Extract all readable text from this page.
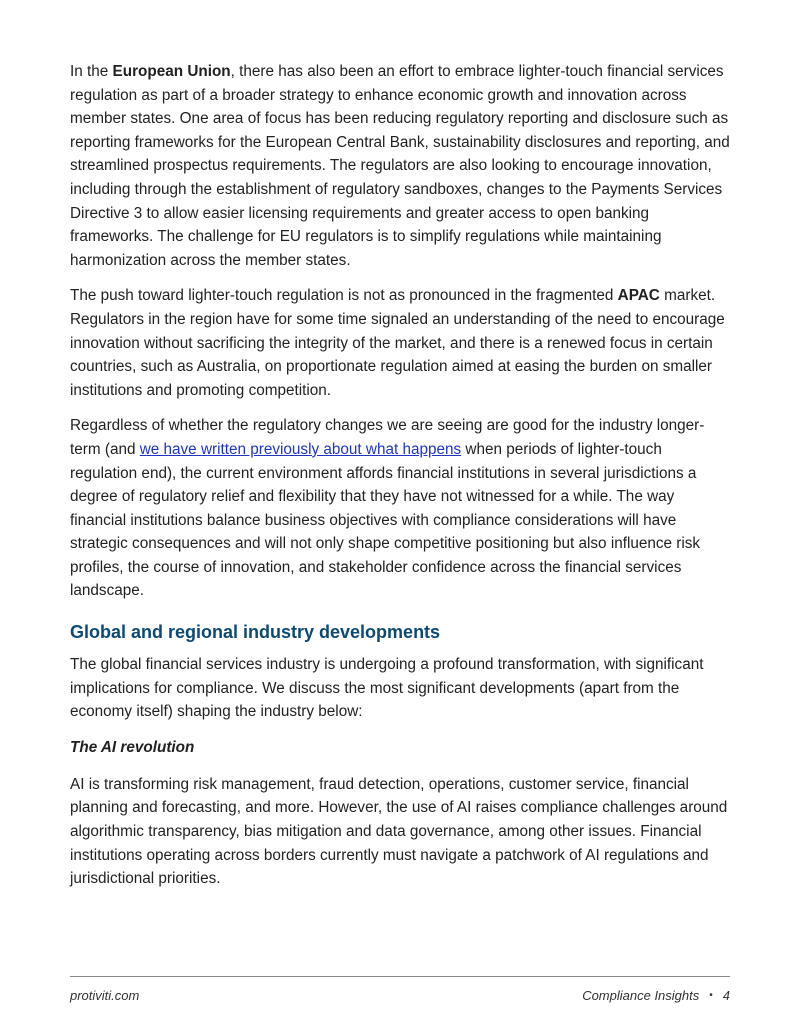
In the European Union, there has also been an effort to embrace lighter-touch financial services regulation as part of a broader strategy to enhance economic growth and innovation across member states. One area of focus has been reducing regulatory reporting and disclosure such as reporting frameworks for the European Central Bank, sustainability disclosures and reporting, and streamlined prospectus requirements. The regulators are also looking to encourage innovation, including through the establishment of regulatory sandboxes, changes to the Payments Services Directive 3 to allow easier licensing requirements and greater access to open banking frameworks. The challenge for EU regulators is to simplify regulations while maintaining harmonization across the member states.

The push toward lighter-touch regulation is not as pronounced in the fragmented APAC market. Regulators in the region have for some time signaled an understanding of the need to encourage innovation without sacrificing the integrity of the market, and there is a renewed focus in certain countries, such as Australia, on proportionate regulation aimed at easing the burden on smaller institutions and promoting competition.

Regardless of whether the regulatory changes we are seeing are good for the industry longer-term (and we have written previously about what happens when periods of lighter-touch regulation end), the current environment affords financial institutions in several jurisdictions a degree of regulatory relief and flexibility that they have not witnessed for a while. The way financial institutions balance business objectives with compliance considerations will have strategic consequences and will not only shape competitive positioning but also influence risk profiles, the course of innovation, and stakeholder confidence across the financial services landscape.

Global and regional industry developments

The global financial services industry is undergoing a profound transformation, with significant implications for compliance. We discuss the most significant developments (apart from the economy itself) shaping the industry below:

The AI revolution

AI is transforming risk management, fraud detection, operations, customer service, financial planning and forecasting, and more. However, the use of AI raises compliance challenges around algorithmic transparency, bias mitigation and data governance, among other issues. Financial institutions operating across borders currently must navigate a patchwork of AI regulations and jurisdictional priorities.

protiviti.com	Compliance Insights • 4
